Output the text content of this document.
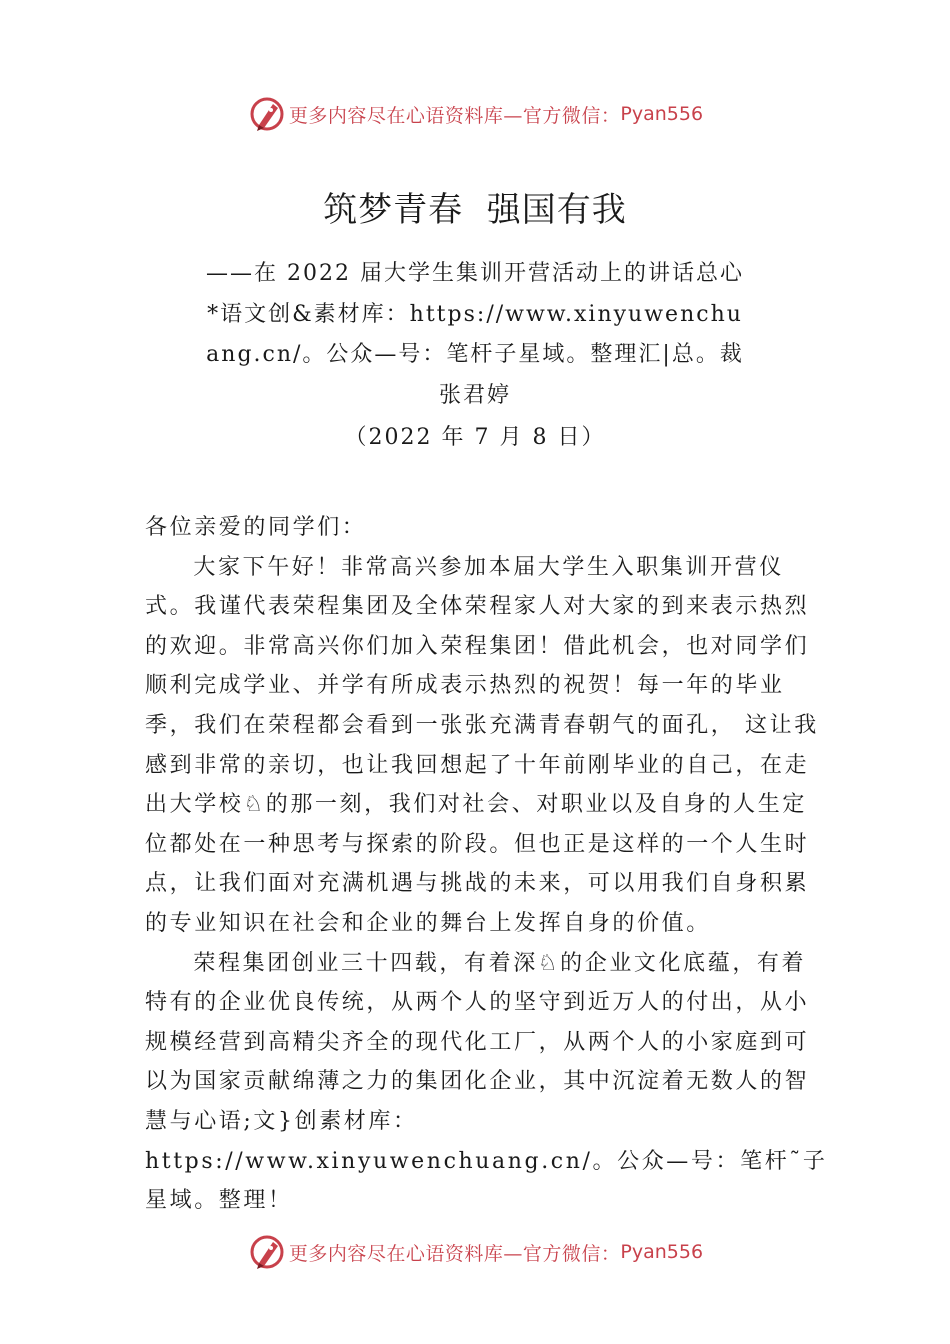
更多内容尽在心语资料库—官方微信： Pyan556
筑梦青春  强国有我
——在 2022 届大学生集训开营活动上的讲话总心*语文创&素材库：https://www.xinyuwenchuang.cn/。公众—号：笔杆子星域。整理汇|总。裁 张君婷
（2022 年 7 月 8 日）

各位亲爱的同学们：

大家下午好！非常高兴参加本届大学生入职集训开营仪式。我谨代表荣程集团及全体荣程家人对大家的到来表示热烈的欢迎。非常高兴你们加入荣程集团！借此机会，也对同学们顺利完成学业、并学有所成表示热烈的祝贺！每一年的毕业季，我们在荣程都会看到一张张充满青春朝气的面孔， 这让我感到非常的亲切，也让我回想起了十年前刚毕业的自己，在走出大学校♘的那一刻，我们对社会、对职业以及自身的人生定位都处在一种思考与探索的阶段。但也正是这样的一个人生时点，让我们面对充满机遇与挑战的未来，可以用我们自身积累的专业知识在社会和企业的舞台上发挥自身的价值。

荣程集团创业三十四载，有着深♘的企业文化底蕴，有着特有的企业优良传统，从两个人的坚守到近万人的付出，从小规模经营到高精尖齐全的现代化工厂，从两个人的小家庭到可以为国家贡献绵薄之力的集团化企业，其中沉淀着无数人的智慧与心语;文}创素材库：https://www.xinyuwenchuang.cn/。公众—号：笔杆˜子星域。整理！

更多内容尽在心语资料库—官方微信： Pyan556
